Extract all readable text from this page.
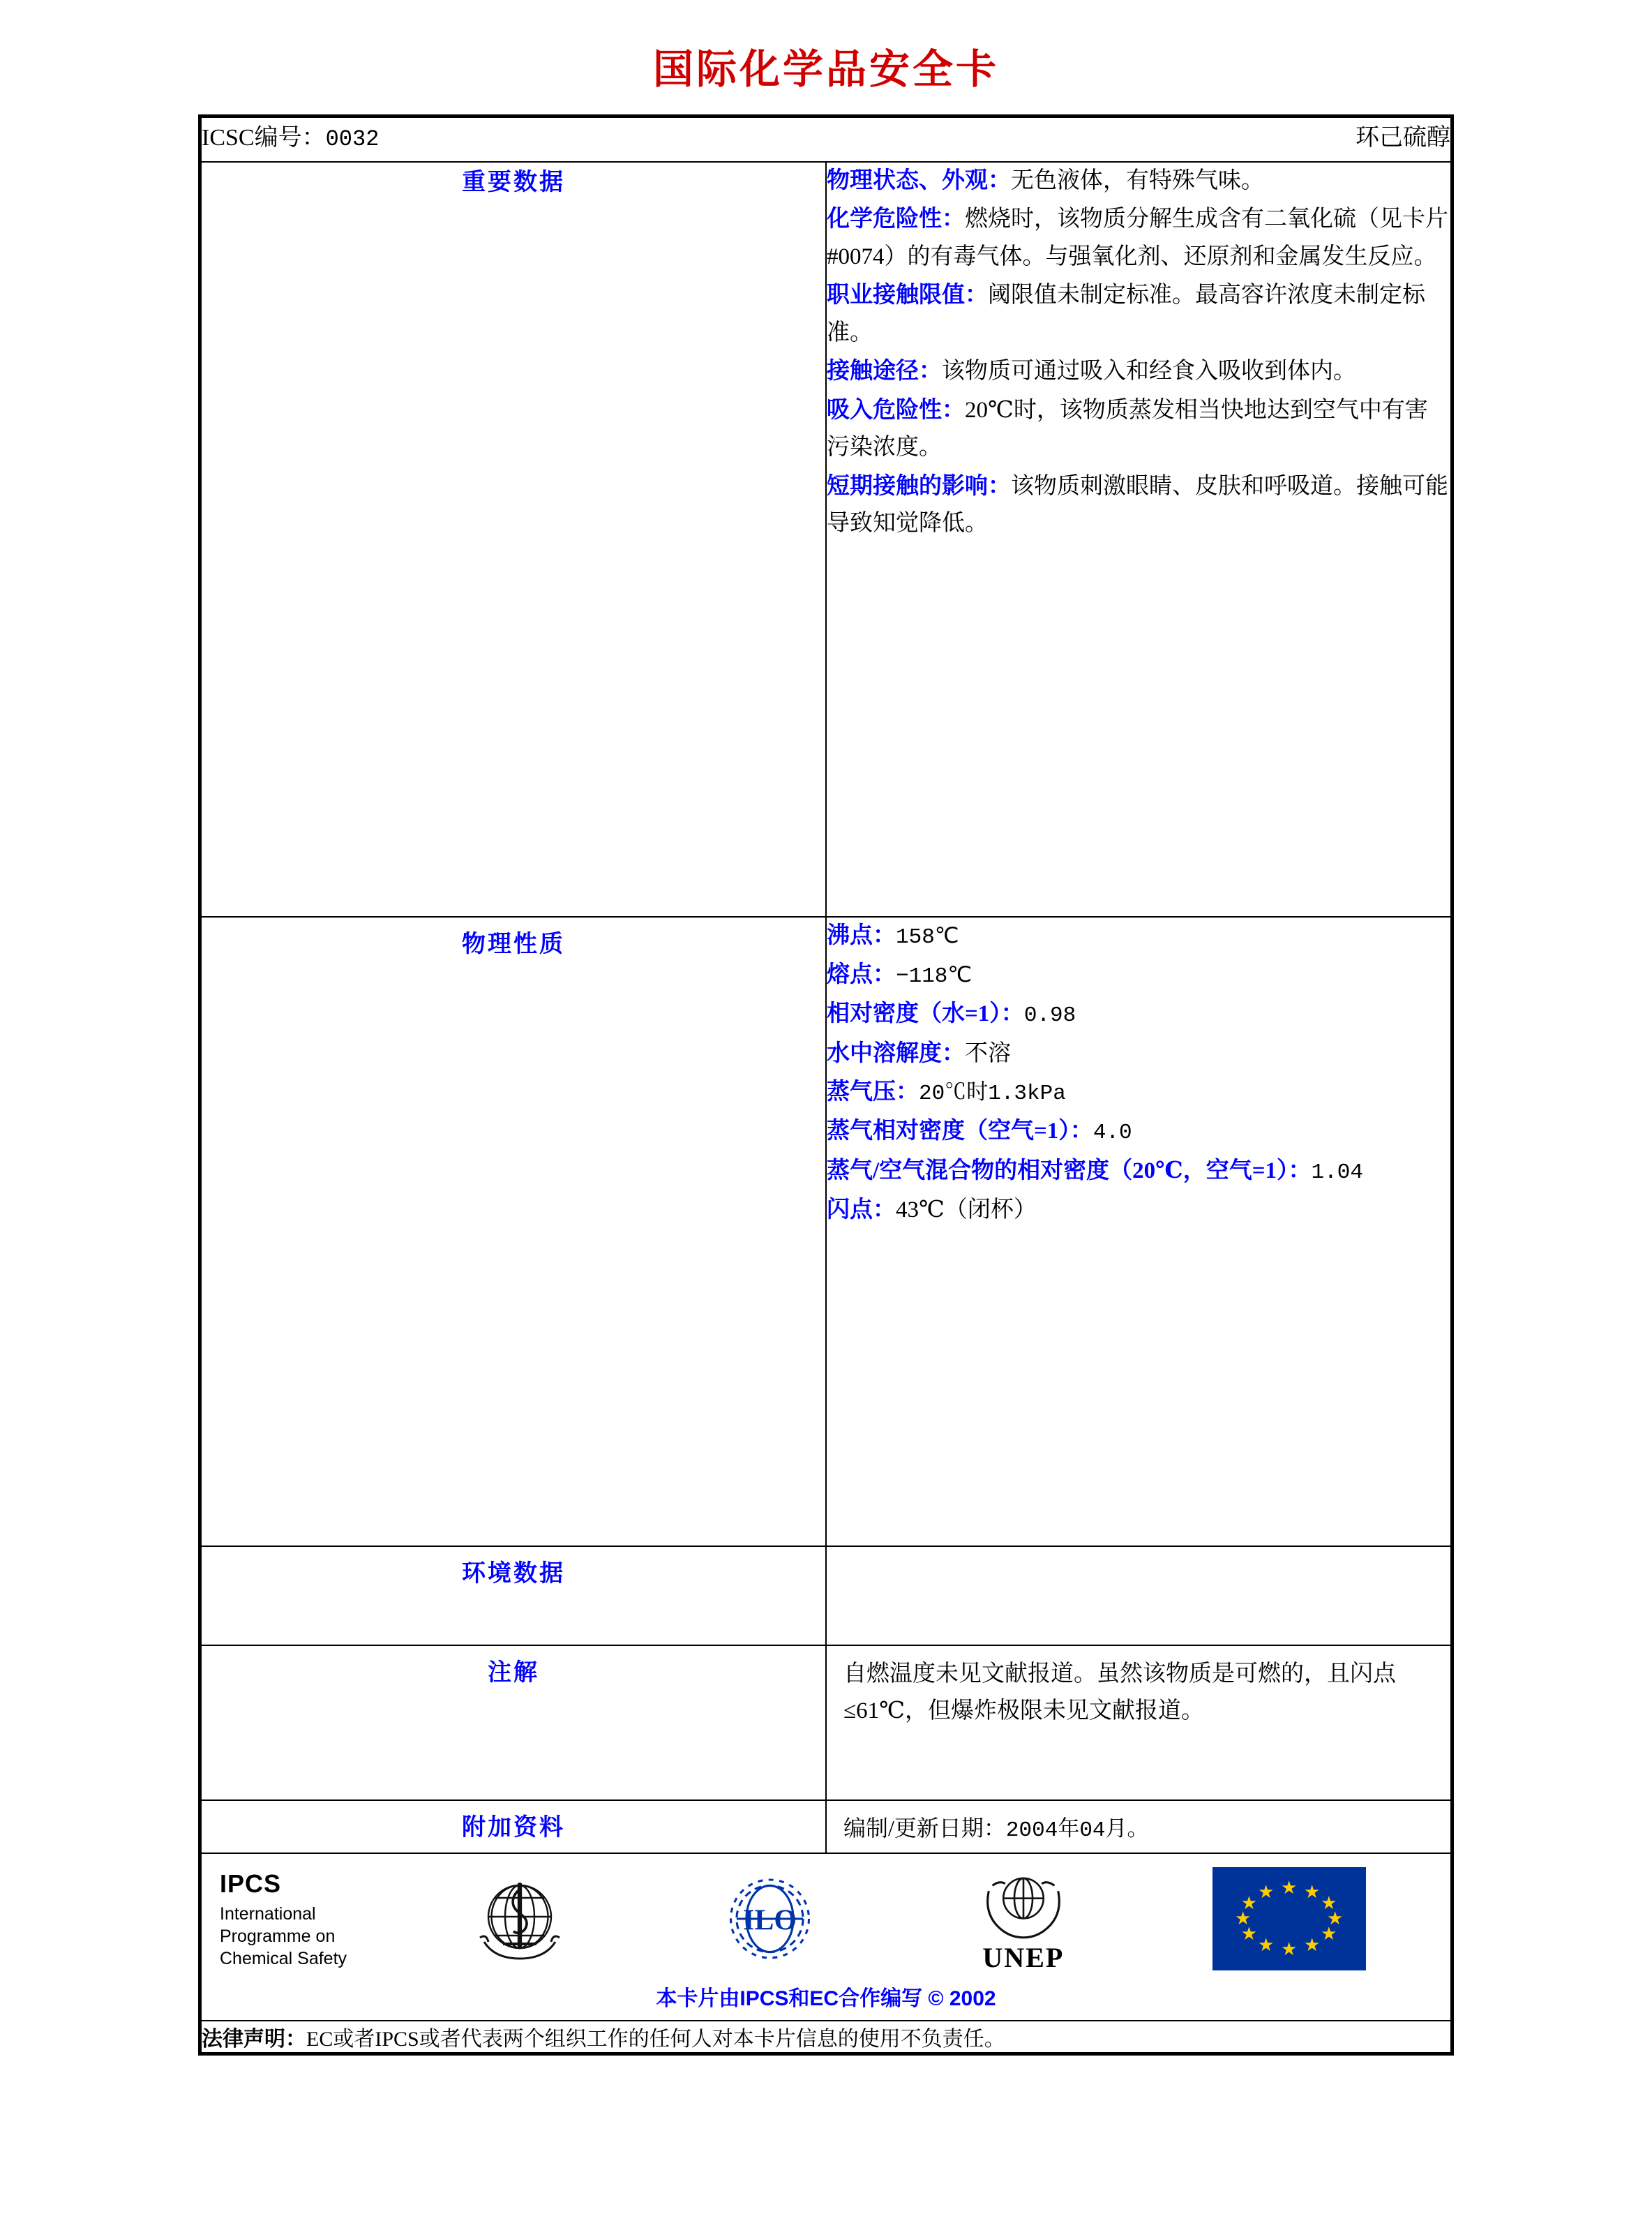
国际化学品安全卡
ICSC编号：0032 环己硫醇	

重要数据	物理状态、外观：无色液体，有特殊气味。

化学危险性：燃烧时，该物质分解生成含有二氧化硫（见卡片#0074）的有毒气体。与强氧化剂、还原剂和金属发生反应。

职业接触限值：阈限值未制定标准。最高容许浓度未制定标准。

接触途径：该物质可通过吸入和经食入吸收到体内。

吸入危险性：20℃时，该物质蒸发相当快地达到空气中有害污染浓度。

短期接触的影响：该物质刺激眼睛、皮肤和呼吸道。接触可能导致知觉降低。

物理性质	沸点：158℃

熔点：−118℃

相对密度（水=1）：0.98

水中溶解度：不溶

蒸气压：20℃时1.3kPa

蒸气相对密度（空气=1）：4.0

蒸气/空气混合物的相对密度（20℃，空气=1）：1.04

闪点：43℃（闭杯）

环境数据	

注解	自燃温度未见文献报道。虽然该物质是可燃的，且闪点≤61℃，但爆炸极限未见文献报道。

附加资料	编制/更新日期：2004年04月。

IPCS
International
Programme on
Chemical Safety
ILO
UNEP
★ ★
★
★
★
★
★
★
★
★
★
★
本卡片由IPCS和EC合作编写 © 2002

法律声明：EC或者IPCS或者代表两个组织工作的任何人对本卡片信息的使用不负责任。	
